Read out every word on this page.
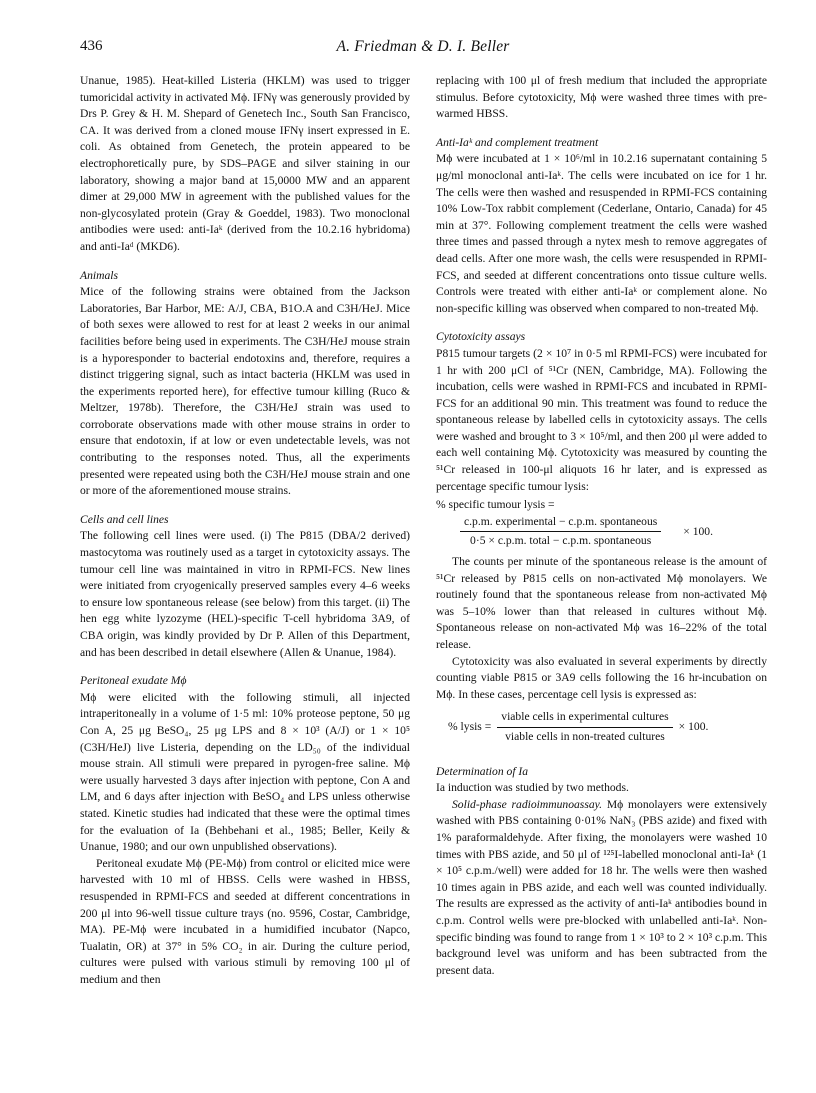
436	A. Friedman & D. I. Beller

Unanue, 1985). Heat-killed Listeria (HKLM) was used to trigger tumoricidal activity in activated Mϕ. IFNγ was generously provided by Drs P. Grey & H. M. Shepard of Genetech Inc., South San Francisco, CA. It was derived from a cloned mouse IFNγ insert expressed in E. coli. As obtained from Genetech, the protein appeared to be electrophoretically pure, by SDS–PAGE and silver staining in our laboratory, showing a major band at 15,0000 MW and an apparent dimer at 29,000 MW in agreement with the published values for the non-glycosylated protein (Gray & Goeddel, 1983). Two monoclonal antibodies were used: anti-Iaᵏ (derived from the 10.2.16 hybridoma) and anti-Iaᵈ (MKD6).

Animals

Mice of the following strains were obtained from the Jackson Laboratories, Bar Harbor, ME: A/J, CBA, B1O.A and C3H/HeJ. Mice of both sexes were allowed to rest for at least 2 weeks in our animal facilities before being used in experiments. The C3H/HeJ mouse strain is a hyporesponder to bacterial endotoxins and, therefore, requires a distinct triggering signal, such as intact bacteria (HKLM was used in the experiments reported here), for effective tumour killing (Ruco & Meltzer, 1978b). Therefore, the C3H/HeJ strain was used to corroborate observations made with other mouse strains in order to ensure that endotoxin, if at low or even undetectable levels, was not contributing to the responses noted. Thus, all the experiments presented were repeated using both the C3H/HeJ mouse strain and one or more of the aforementioned mouse strains.

Cells and cell lines

The following cell lines were used. (i) The P815 (DBA/2 derived) mastocytoma was routinely used as a target in cytotoxicity assays. The tumour cell line was maintained in vitro in RPMI-FCS. New lines were initiated from cryogenically preserved samples every 4–6 weeks to ensure low spontaneous release (see below) from this target. (ii) The hen egg white lyzozyme (HEL)-specific T-cell hybridoma 3A9, of CBA origin, was kindly provided by Dr P. Allen of this Department, and has been described in detail elsewhere (Allen & Unanue, 1984).

Peritoneal exudate Mϕ

Mϕ were elicited with the following stimuli, all injected intraperitoneally in a volume of 1·5 ml: 10% proteose peptone, 50 μg Con A, 25 μg BeSO₄, 25 μg LPS and 8 × 10³ (A/J) or 1 × 10⁵ (C3H/HeJ) live Listeria, depending on the LD₅₀ of the individual mouse strain. All stimuli were prepared in pyrogen-free saline. Mϕ were usually harvested 3 days after injection with peptone, Con A and LM, and 6 days after injection with BeSO₄ and LPS unless otherwise stated. Kinetic studies had indicated that these were the optimal times for the evaluation of Ia (Behbehani et al., 1985; Beller, Keily & Unanue, 1980; and our own unpublished observations).

Peritoneal exudate Mϕ (PE-Mϕ) from control or elicited mice were harvested with 10 ml of HBSS. Cells were washed in HBSS, resuspended in RPMI-FCS and seeded at different concentrations in 200 μl into 96-well tissue culture trays (no. 9596, Costar, Cambridge, MA). PE-Mϕ were incubated in a humidified incubator (Napco, Tualatin, OR) at 37° in 5% CO₂ in air. During the culture period, cultures were pulsed with various stimuli by removing 100 μl of medium and then

replacing with 100 μl of fresh medium that included the appropriate stimulus. Before cytotoxicity, Mϕ were washed three times with pre-warmed HBSS.

Anti-Iaᵏ and complement treatment

Mϕ were incubated at 1 × 10⁶/ml in 10.2.16 supernatant containing 5 μg/ml monoclonal anti-Iaᵏ. The cells were incubated on ice for 1 hr. The cells were then washed and resuspended in RPMI-FCS containing 10% Low-Tox rabbit complement (Cederlane, Ontario, Canada) for 45 min at 37°. Following complement treatment the cells were washed three times and passed through a nytex mesh to remove aggregates of dead cells. After one more wash, the cells were resuspended in RPMI-FCS, and seeded at different concentrations onto tissue culture wells. Controls were treated with either anti-Iaᵏ or complement alone. No non-specific killing was observed when compared to non-treated Mϕ.

Cytotoxicity assays

P815 tumour targets (2 × 10⁷ in 0·5 ml RPMI-FCS) were incubated for 1 hr with 200 μCl of ⁵¹Cr (NEN, Cambridge, MA). Following the incubation, cells were washed in RPMI-FCS and incubated in RPMI-FCS for an additional 90 min. This treatment was found to reduce the spontaneous release by labelled cells in cytotoxicity assays. The cells were washed and brought to 3 × 10⁵/ml, and then 200 μl were added to each well containing Mϕ. Cytotoxicity was measured by counting the ⁵¹Cr released in 100-μl aliquots 16 hr later, and is expressed as percentage specific tumour lysis:

% specific tumour lysis =
$\frac{\text{c.p.m. experimental − c.p.m. spontaneous}}{\text{0·5 × c.p.m. total − c.p.m. spontaneous}} \times 100$.

The counts per minute of the spontaneous release is the amount of ⁵¹Cr released by P815 cells on non-activated Mϕ monolayers. We routinely found that the spontaneous release from non-activated Mϕ was 5–10% lower than that released in cultures without Mϕ. Spontaneous release on non-activated Mϕ was 16–22% of the total release.

Cytotoxicity was also evaluated in several experiments by directly counting viable P815 or 3A9 cells following the 16 hr-incubation on Mϕ. In these cases, percentage cell lysis is expressed as:

% lysis = $\frac{\text{viable cells in experimental cultures}}{\text{viable cells in non-treated cultures}} \times 100$.
Determination of Ia

Ia induction was studied by two methods.

Solid-phase radioimmunoassay. Mϕ monolayers were extensively washed with PBS containing 0·01% NaN₃ (PBS azide) and fixed with 1% paraformaldehyde. After fixing, the monolayers were washed 10 times with PBS azide, and 50 μl of ¹²⁵I-labelled monoclonal anti-Iaᵏ (1 × 10⁵ c.p.m./well) were added for 18 hr. The wells were then washed 10 times again in PBS azide, and each well was counted individually. The results are expressed as the activity of anti-Iaᵏ antibodies bound in c.p.m. Control wells were pre-blocked with unlabelled anti-Iaᵏ. Non-specific binding was found to range from 1 × 10³ to 2 × 10³ c.p.m. This background level was uniform and has been subtracted from the present data.
